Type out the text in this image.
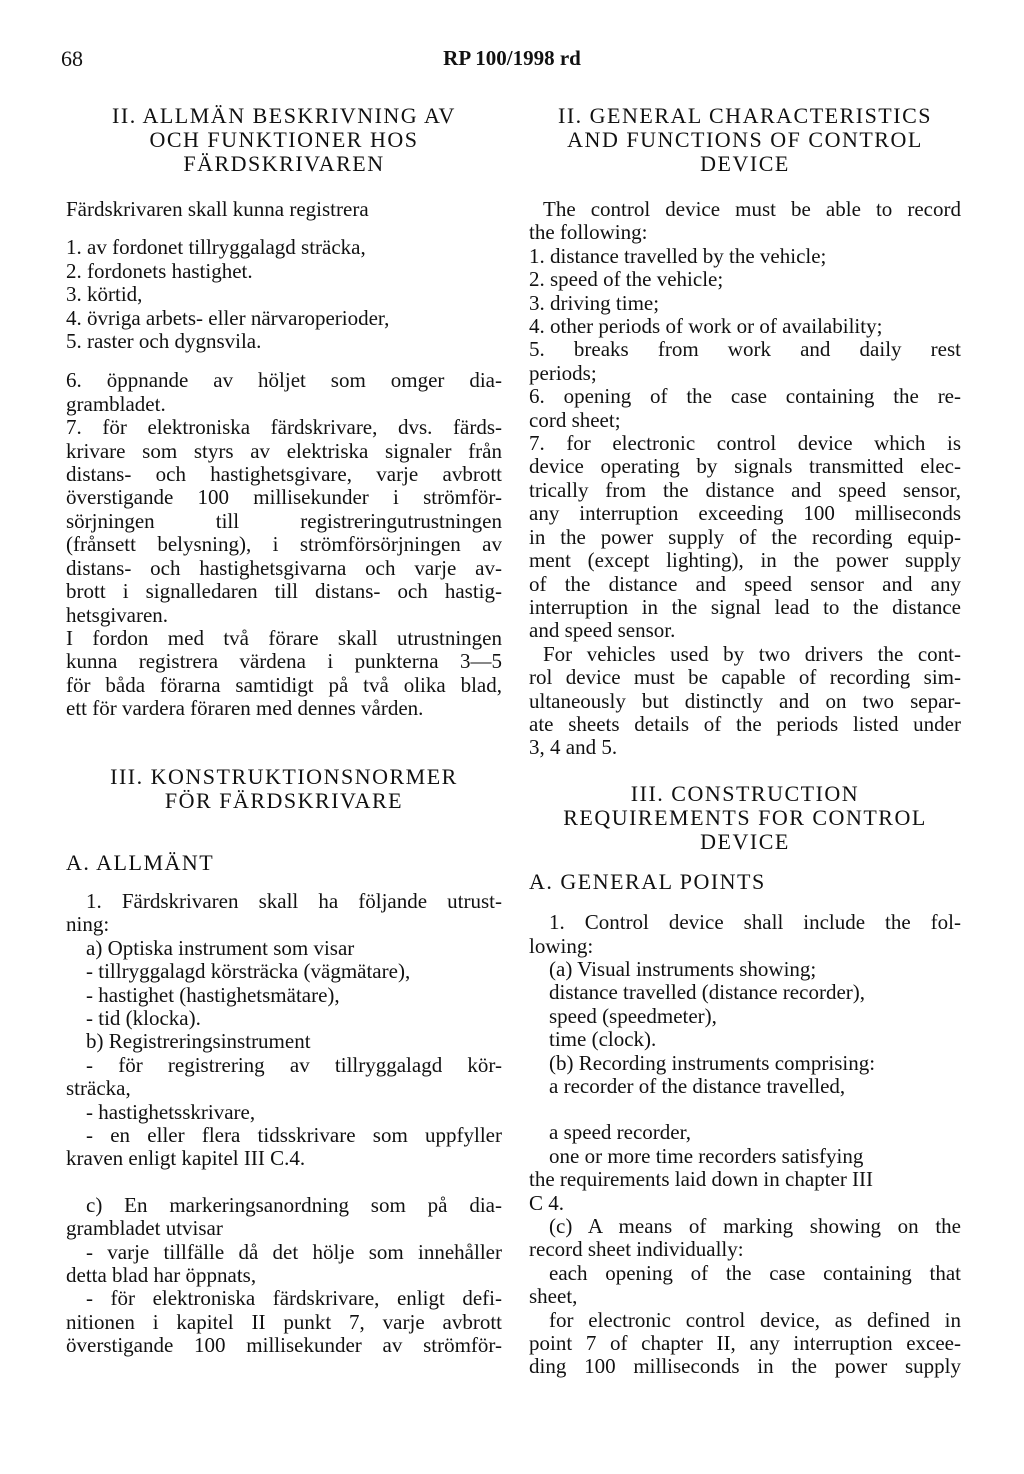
RP 100/1998 rd
68
II. ALLMÄN BESKRIVNING AV
OCH FUNKTIONER HOS
FÄRDSKRIVAREN

Färdskrivaren skall kunna registrera

1. av fordonet tillryggalagd sträcka,
2. fordonets hastighet.
3. körtid,
4. övriga arbets- eller närvaroperioder,
5. raster och dygnsvila.
6. öppnande av höljet som omger dia-
grambladet.
7. för elektroniska färdskrivare, dvs. färds-
krivare som styrs av elektriska signaler från
distans- och hastighetsgivare, varje avbrott
överstigande 100 millisekunder i strömför-
sörjningen till registreringutrustningen
(frånsett belysning), i strömförsörjningen av
distans- och hastighetsgivarna och varje av-
brott i signalledaren till distans- och hastig-
hetsgivaren.
I fordon med två förare skall utrustningen
kunna registrera värdena i punkterna 3—5
för båda förarna samtidigt på två olika blad,
ett för vardera föraren med dennes vården.
III. KONSTRUKTIONSNORMER
FÖR FÄRDSKRIVARE
A. ALLMÄNT
1. Färdskrivaren skall ha följande utrust-
ning:
a) Optiska instrument som visar
- tillryggalagd körsträcka (vägmätare),
- hastighet (hastighetsmätare),
- tid (klocka).
b) Registreringsinstrument
- för registrering av tillryggalagd kör-
sträcka,
- hastighetsskrivare,
- en eller flera tidsskrivare som uppfyller
kraven enligt kapitel III C.4.
c) En markeringsanordning som på dia-
grambladet utvisar
- varje tillfälle då det hölje som innehåller
detta blad har öppnats,
- för elektroniska färdskrivare, enligt defi-
nitionen i kapitel II punkt 7, varje avbrott
överstigande 100 millisekunder av strömför-
II. GENERAL CHARACTERISTICS
AND FUNCTIONS OF CONTROL
DEVICE
The control device must be able to record
the following:
1. distance travelled by the vehicle;
2. speed of the vehicle;
3. driving time;
4. other periods of work or of availability;
5. breaks from work and daily rest
periods;
6. opening of the case containing the re-
cord sheet;
7. for electronic control device which is
device operating by signals transmitted elec-
trically from the distance and speed sensor,
any interruption exceeding 100 milliseconds
in the power supply of the recording equip-
ment (except lighting), in the power supply
of the distance and speed sensor and any
interruption in the signal lead to the distance
and speed sensor.
For vehicles used by two drivers the cont-
rol device must be capable of recording sim-
ultaneously but distinctly and on two separ-
ate sheets details of the periods listed under
3, 4 and 5.
III. CONSTRUCTION
REQUIREMENTS FOR CONTROL
DEVICE
A. GENERAL POINTS
1. Control device shall include the fol-
lowing:
(a) Visual instruments showing;
distance travelled (distance recorder),
speed (speedmeter),
time (clock).
(b) Recording instruments comprising:
a recorder of the distance travelled,
a speed recorder,
one or more time recorders satisfying
the requirements laid down in chapter III
C 4.
(c) A means of marking showing on the
record sheet individually:
each opening of the case containing that
sheet,
for electronic control device, as defined in
point 7 of chapter II, any interruption excee-
ding 100 milliseconds in the power supply
